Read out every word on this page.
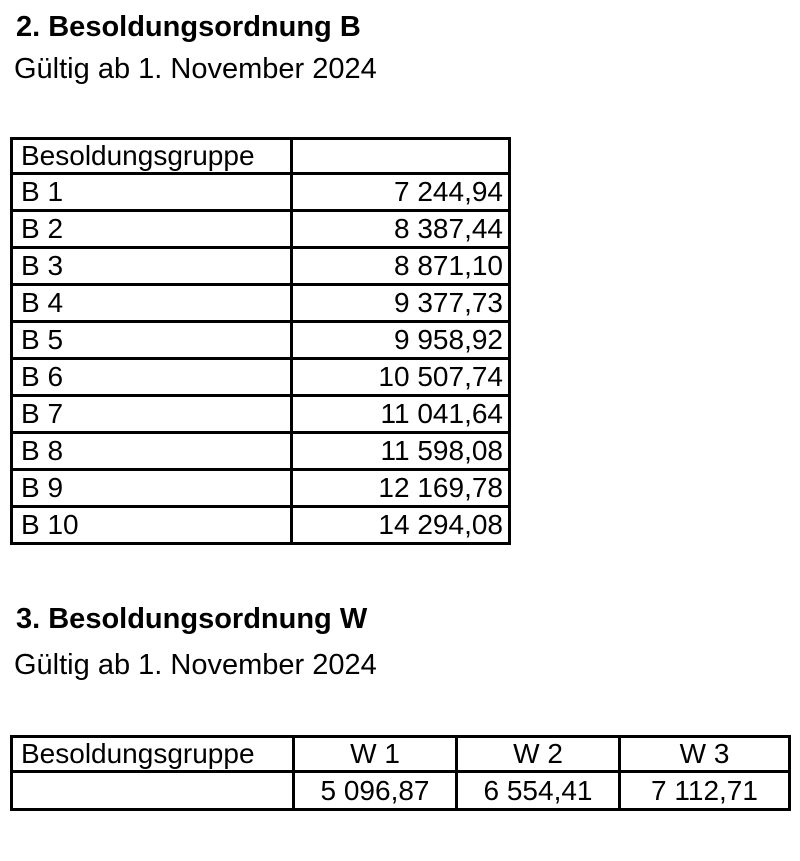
2. Besoldungsordnung B
Gültig ab 1. November 2024
Besoldungsgruppe	
B 1	7 244,94
B 2	8 387,44
B 3	8 871,10
B 4	9 377,73
B 5	9 958,92
B 6	10 507,74
B 7	11 041,64
B 8	11 598,08
B 9	12 169,78
B 10	14 294,08
3. Besoldungsordnung W
Gültig ab 1. November 2024
Besoldungsgruppe	W 1	W 2	W 3
	5 096,87	6 554,41	7 112,71
